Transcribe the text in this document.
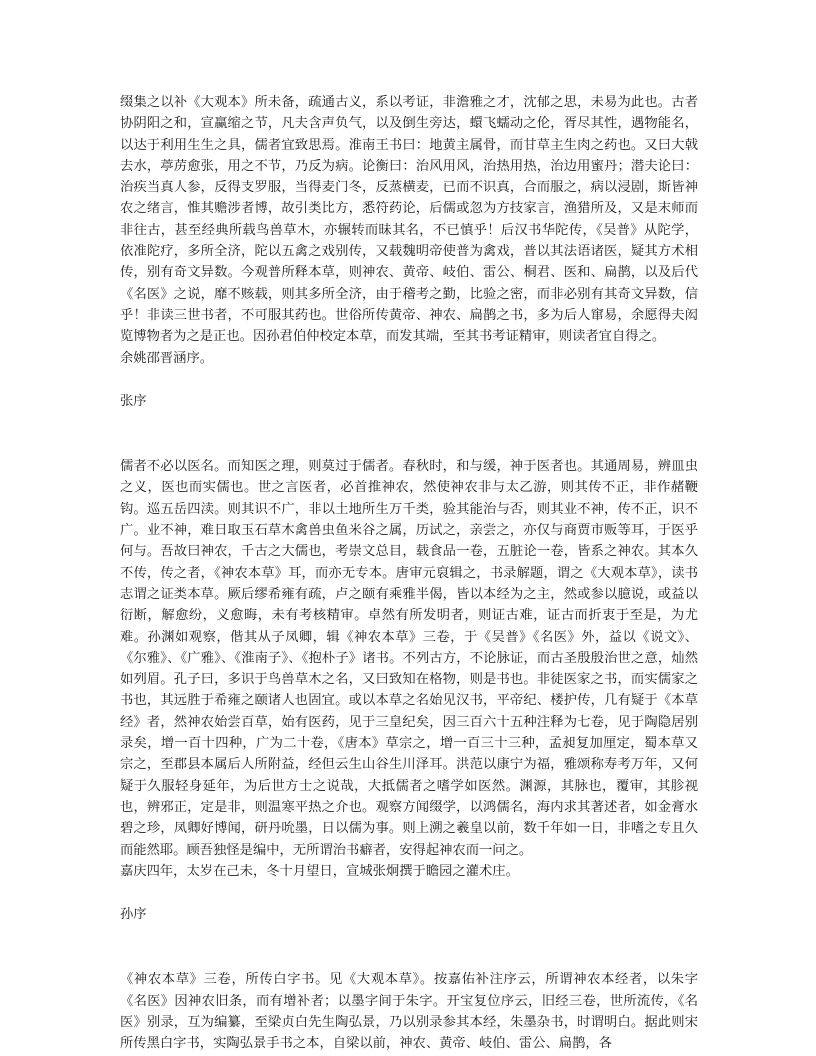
缀集之以补《大观本》所未备，疏通古义，系以考证，非澹雅之才，沈郁之思，未易为此也。古者协阴阳之和，宣赢缩之节，凡夫含声负气，以及倒生旁达，蠉飞蠕动之伦，胥尽其性，遇物能名，以达于利用生生之具，儒者宜致思焉。淮南王书曰：地黄主属骨，而甘草主生肉之药也。又曰大戟去水，葶苈愈张，用之不节，乃反为病。论衡曰：治风用风，治热用热，治边用蜜丹；潜夫论曰：治疾当真人参，反得支罗服，当得麦门冬，反蒸横麦，已而不识真，合而服之，病以浸剧，斯皆神农之绪言，惟其赡涉者博，故引类比方，悉符药论，后儒或忽为方技家言，渔猎所及，又是末师而非往古，甚至经典所载鸟兽草木，亦辗转而昧其名，不已慎乎！后汉书华陀传，《吴普》从陀学，依准陀疗，多所全济，陀以五禽之戏别传，又载魏明帝使普为禽戏，普以其法语诸医，疑其方术相传，别有奇文异数。今观普所释本草，则神农、黄帝、岐伯、雷公、桐君、医和、扁鹊，以及后代《名医》之说，靡不赅载，则其多所全济，由于稽考之勤，比验之密，而非必别有其奇文异数，信乎！非读三世书者，不可服其药也。世俗所传黄帝、神农、扁鹊之书，多为后人窜易，余愿得夫闳览博物者为之是正也。因孙君伯仲校定本草，而发其端，至其书考证精审，则读者宜自得之。

余姚邵晋涵序。

张序

儒者不必以医名。而知医之理，则莫过于儒者。春秋时，和与缓，神于医者也。其通周易，辨皿虫之义，医也而实儒也。世之言医者，必首推神农，然使神农非与太乙游，则其传不正，非作赭鞭钩。巡五岳四渎。则其识不广，非以土地所生万千类，验其能治与否，则其业不神，传不正，识不广。业不神，难日取玉石草木禽兽虫鱼米谷之属，历试之，亲尝之，亦仅与商贾市贩等耳，于医乎何与。吾故曰神农，千古之大儒也，考崇文总目，载食品一卷，五脏论一卷，皆系之神农。其本久不传，传之者，《神农本草》耳，而亦无专本。唐审元裒辑之，书录解题，谓之《大观本草》，读书志谓之证类本草。厥后缪希雍有疏，卢之颐有乘雅半偈，皆以本经为之主，然或参以臆说，或益以衍断，解愈纷，义愈晦，未有考核精审。卓然有所发明者，则证古难，证古而折衷于至是，为尤难。孙渊如观察，偕其从子凤卿，辑《神农本草》三卷，于《吴普》《名医》外，益以《说文》、《尔雅》、《广雅》、《淮南子》、《抱朴子》诸书。不列古方，不论脉证，而古圣殷殷治世之意，灿然如列眉。孔子曰，多识于鸟兽草木之名，又曰致知在格物，则是书也。非徒医家之书，而实儒家之书也，其远胜于希雍之颐诸人也固宜。或以本草之名始见汉书，平帝纪、楼护传，几有疑于《本草经》者，然神农始尝百草，始有医药，见于三皇纪矣，因三百六十五种注释为七卷，见于陶隐居别录矣，增一百十四种，广为二十卷，《唐本》草宗之，增一百三十三种，孟昶复加厘定，蜀本草又宗之，至郡县本属后人所附益，经但云生山谷生川泽耳。洪范以康宁为福，雅颂称寿考万年，又何疑于久服轻身延年，为后世方士之说哉，大抵儒者之嗜学如医然。渊源，其脉也，覆审，其胗视也，辨邪正，定是非，则温寒平热之介也。观察方闻缀学，以鸿儒名，海内求其著述者，如金膏水碧之珍，凤卿好博闻，研丹吮墨，日以儒为事。则上溯之羲皇以前，数千年如一日，非嗜之专且久而能然耶。顾吾独怪是编中，无所谓治书癖者，安得起神农而一问之。

嘉庆四年，太岁在己未，冬十月望日，宣城张炯撰于瞻园之灌术庄。

孙序

《神农本草》三卷，所传白字书。见《大观本草》。按嘉佑补注序云，所谓神农本经者，以朱字《名医》因神农旧条，而有增补者；以墨字间于朱字。开宝复位序云，旧经三卷，世所流传，《名医》别录，互为编纂，至梁贞白先生陶弘景，乃以别录参其本经，朱墨杂书，时谓明白。据此则宋所传黑白字书，实陶弘景手书之本，自梁以前，神农、黄帝、岐伯、雷公、扁鹊，各
